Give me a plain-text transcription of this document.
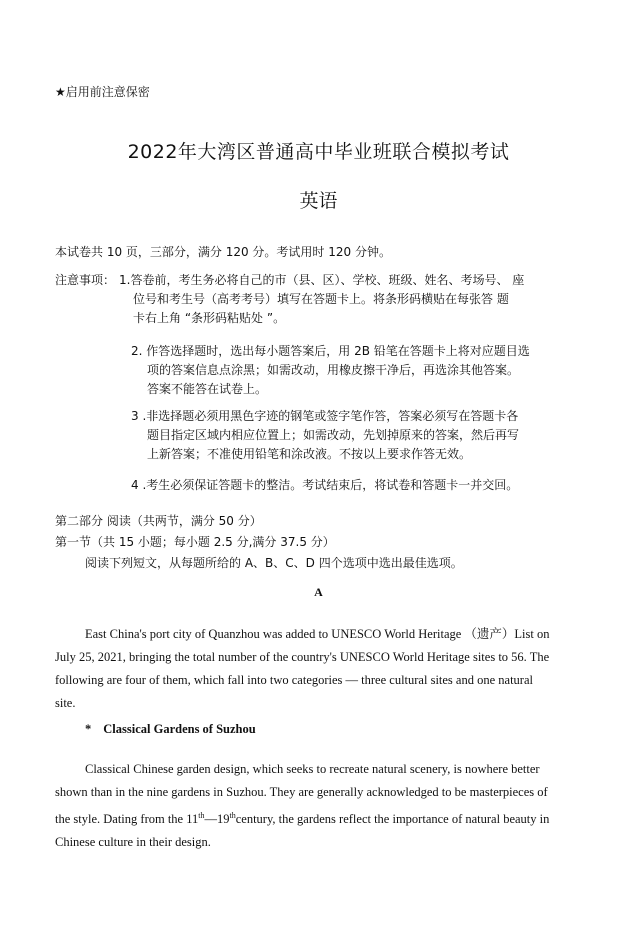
★启用前注意保密
2022年大湾区普通高中毕业班联合模拟考试
英语
本试卷共 10 页，三部分，满分 120 分。考试用时 120 分钟。
注意事项： 1.答卷前，考生务必将自己的市（县、区）、学校、班级、姓名、考场号、 座
位号和考生号（高考考号）填写在答题卡上。将条形码横贴在每张答 题
卡右上角 “条形码粘贴处 ”。
2. 作答选择题时，选出每小题答案后，用 2B 铅笔在答题卡上将对应题目选
项的答案信息点涂黑；如需改动，用橡皮擦干净后，再选涂其他答案。
答案不能答在试卷上。
3 .非选择题必须用黑色字迹的钢笔或签字笔作答，答案必须写在答题卡各
题目指定区域内相应位置上；如需改动，先划掉原来的答案，然后再写
上新答案；不准使用铅笔和涂改液。不按以上要求作答无效。
4 .考生必须保证答题卡的整洁。考试结束后，将试卷和答题卡一并交回。
第二部分 阅读（共两节，满分 50 分）
第一节（共 15 小题；每小题 2.5 分,满分 37.5 分）
阅读下列短文，从每题所给的 A、B、C、D 四个选项中选出最佳选项。
A
East China's port city of Quanzhou was added to UNESCO World Heritage （遗产）List on
July 25, 2021, bringing the total number of the country's UNESCO World Heritage sites to 56. The
following are four of them, which fall into two categories — three cultural sites and one natural
site.
* Classical Gardens of Suzhou
Classical Chinese garden design, which seeks to recreate natural scenery, is nowhere better
shown than in the nine gardens in Suzhou. They are generally acknowledged to be masterpieces of
the style. Dating from the 11th—19thcentury, the gardens reflect the importance of natural beauty in
Chinese culture in their design.
